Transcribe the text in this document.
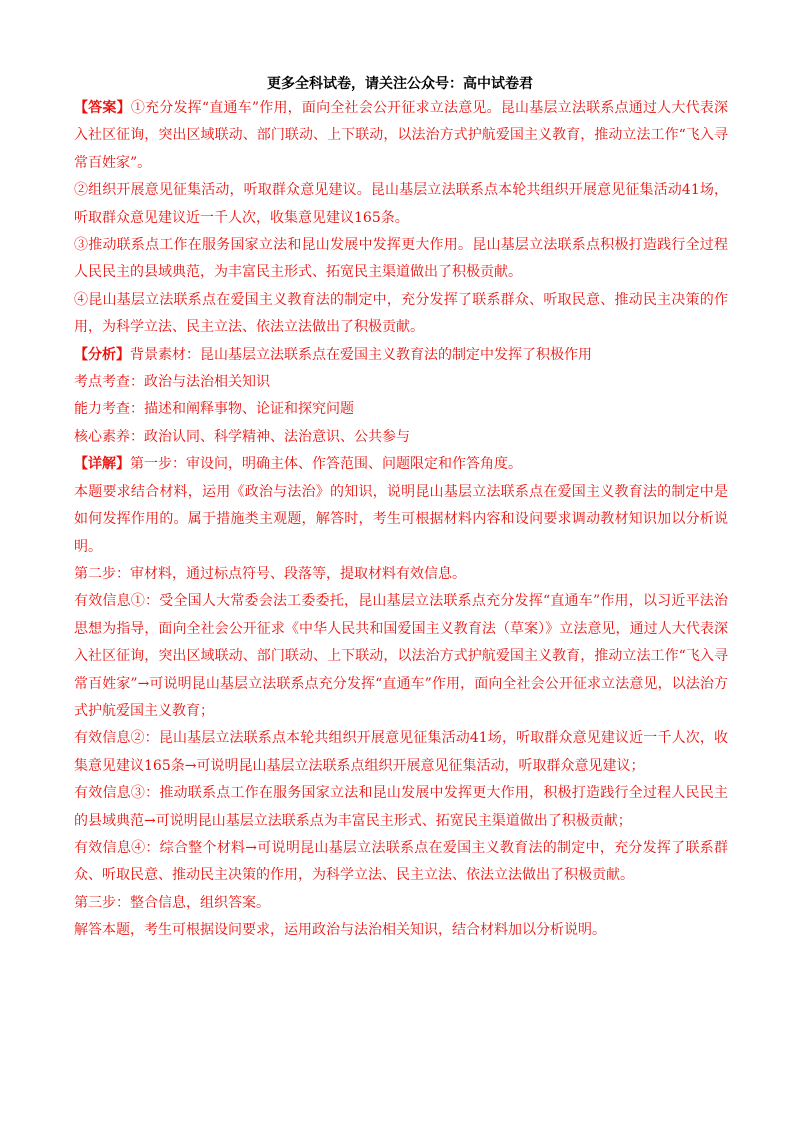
更多全科试卷，请关注公众号：高中试卷君

【答案】①充分发挥“直通车”作用，面向全社会公开征求立法意见。昆山基层立法联系点通过人大代表深入社区征询，突出区域联动、部门联动、上下联动，以法治方式护航爱国主义教育，推动立法工作“飞入寻常百姓家”。

②组织开展意见征集活动，听取群众意见建议。昆山基层立法联系点本轮共组织开展意见征集活动41场，听取群众意见建议近一千人次，收集意见建议165条。

③推动联系点工作在服务国家立法和昆山发展中发挥更大作用。昆山基层立法联系点积极打造践行全过程人民民主的县域典范，为丰富民主形式、拓宽民主渠道做出了积极贡献。

④昆山基层立法联系点在爱国主义教育法的制定中，充分发挥了联系群众、听取民意、推动民主决策的作用，为科学立法、民主立法、依法立法做出了积极贡献。

【分析】背景素材：昆山基层立法联系点在爱国主义教育法的制定中发挥了积极作用

考点考查：政治与法治相关知识

能力考查：描述和阐释事物、论证和探究问题

核心素养：政治认同、科学精神、法治意识、公共参与

【详解】第一步：审设问，明确主体、作答范围、问题限定和作答角度。

本题要求结合材料，运用《政治与法治》的知识，说明昆山基层立法联系点在爱国主义教育法的制定中是如何发挥作用的。属于措施类主观题，解答时，考生可根据材料内容和设问要求调动教材知识加以分析说明。

第二步：审材料，通过标点符号、段落等，提取材料有效信息。

有效信息①：受全国人大常委会法工委委托，昆山基层立法联系点充分发挥“直通车”作用，以习近平法治思想为指导，面向全社会公开征求《中华人民共和国爱国主义教育法（草案）》立法意见，通过人大代表深入社区征询，突出区域联动、部门联动、上下联动，以法治方式护航爱国主义教育，推动立法工作“飞入寻常百姓家”→可说明昆山基层立法联系点充分发挥“直通车”作用，面向全社会公开征求立法意见，以法治方式护航爱国主义教育；

有效信息②：昆山基层立法联系点本轮共组织开展意见征集活动41场，听取群众意见建议近一千人次，收集意见建议165条→可说明昆山基层立法联系点组织开展意见征集活动，听取群众意见建议；

有效信息③：推动联系点工作在服务国家立法和昆山发展中发挥更大作用，积极打造践行全过程人民民主的县域典范→可说明昆山基层立法联系点为丰富民主形式、拓宽民主渠道做出了积极贡献；

有效信息④：综合整个材料→可说明昆山基层立法联系点在爱国主义教育法的制定中，充分发挥了联系群众、听取民意、推动民主决策的作用，为科学立法、民主立法、依法立法做出了积极贡献。

第三步：整合信息，组织答案。

解答本题，考生可根据设问要求，运用政治与法治相关知识，结合材料加以分析说明。
